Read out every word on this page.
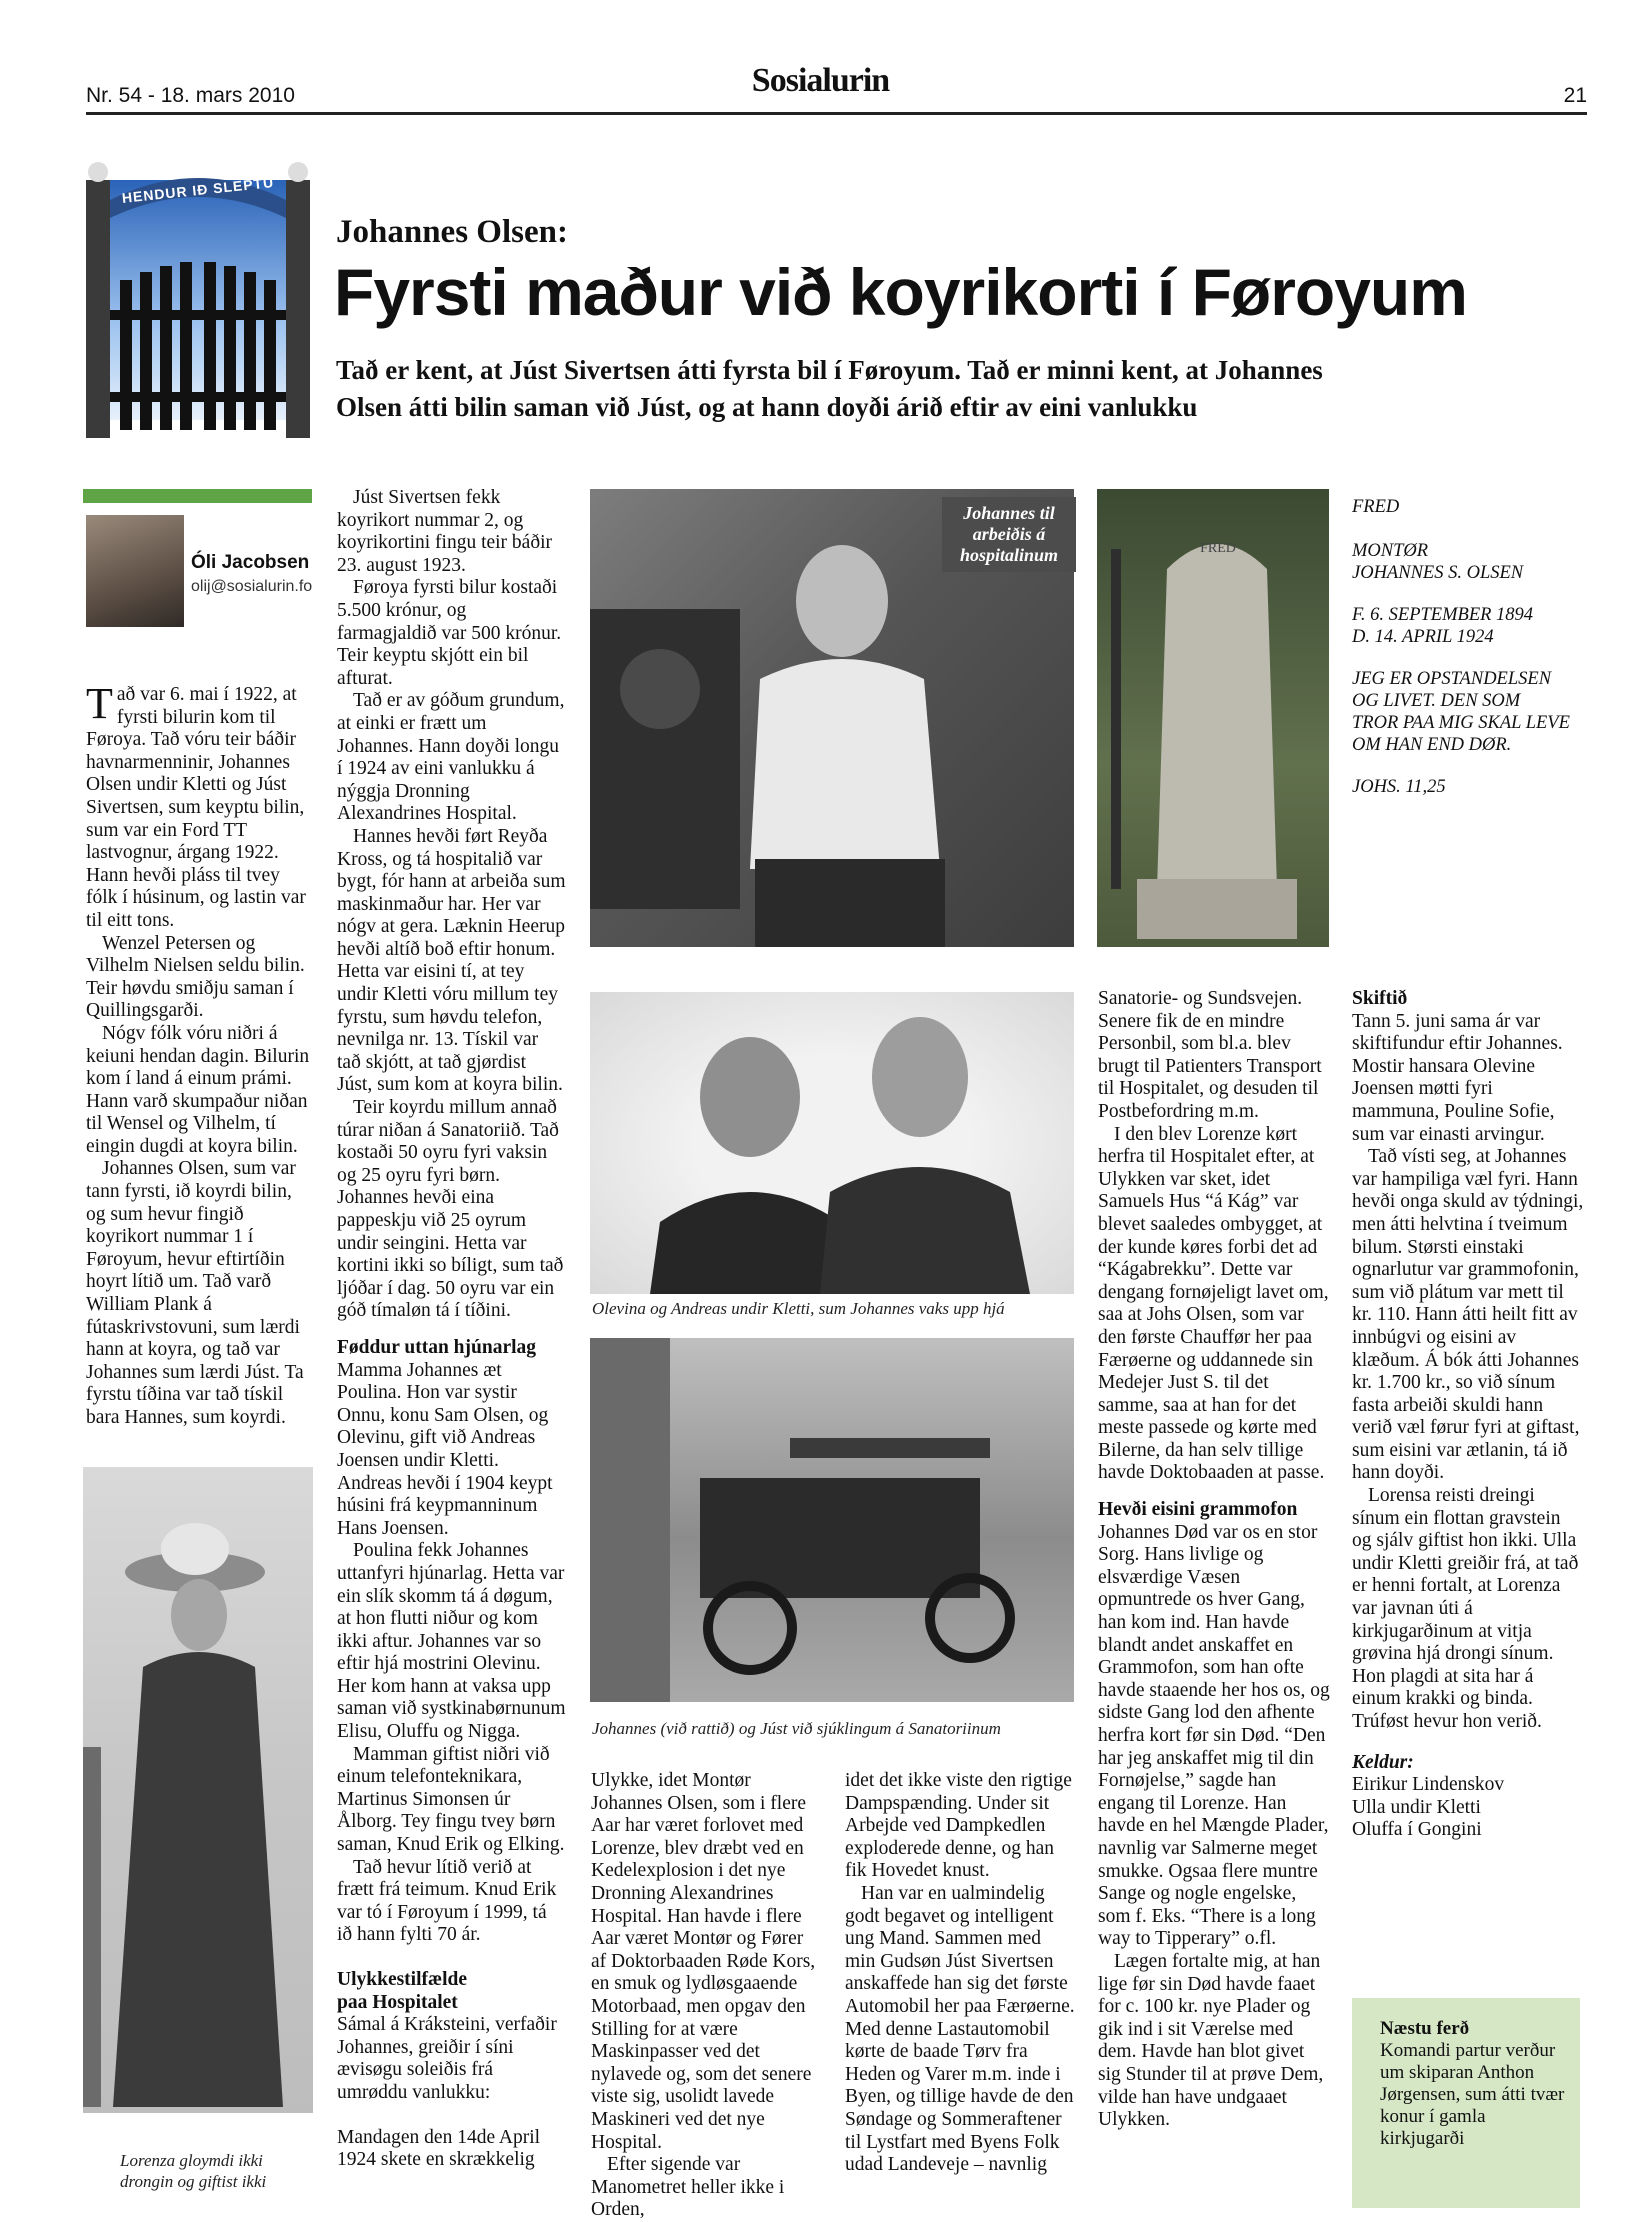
Nr. 54 - 18. mars 2010	Sosialurin	21
HENDUR IÐ SLEPTU
Johannes Olsen:
Fyrsti maður við koyrikorti í Føroyum
Tað er kent, at Júst Sivertsen átti fyrsta bil í Føroyum. Tað er minni kent, at Johannes Olsen átti bilin saman við Júst, og at hann doyði árið eftir av eini vanlukku
Óli Jacobsen
olij@sosialurin.fo

Tað var 6. mai í 1922, at fyrsti bilurin kom til Føroya. Tað vóru teir báðir havnarmenninir, Johannes Olsen undir Kletti og Júst Sivertsen, sum keyptu bilin, sum var ein Ford TT lastvognur, árgang 1922. Hann hevði pláss til tvey fólk í húsinum, og lastin var til eitt tons.

Wenzel Petersen og Vilhelm Nielsen seldu bilin. Teir høvdu smiðju saman í Quillingsgarði.

Nógv fólk vóru niðri á keiuni hendan dagin. Bilurin kom í land á einum prámi. Hann varð skumpaður niðan til Wensel og Vilhelm, tí eingin dugdi at koyra bilin.

Johannes Olsen, sum var tann fyrsti, ið koyrdi bilin, og sum hevur fingið koyrikort nummar 1 í Føroyum, hevur eftirtíðin hoyrt lítið um. Tað varð William Plank á fútaskrivstovuni, sum lærdi hann at koyra, og tað var Johannes sum lærdi Júst. Ta fyrstu tíðina var tað tískil bara Hannes, sum koyrdi.

Lorenza gloymdi ikki
drongin og giftist ikki

Júst Sivertsen fekk koyrikort nummar 2, og koyrikortini fingu teir báðir 23. august 1923.

Føroya fyrsti bilur kostaði 5.500 krónur, og farmagjaldið var 500 krónur. Teir keyptu skjótt ein bil afturat.

Tað er av góðum grundum, at einki er frætt um Johannes. Hann doyði longu í 1924 av eini vanlukku á nýggja Dronning Alexandrines Hospital.

Hannes hevði ført Reyða Kross, og tá hospitalið var bygt, fór hann at arbeiða sum maskinmaður har. Her var nógv at gera. Læknin Heerup hevði altíð boð eftir honum. Hetta var eisini tí, at tey undir Kletti vóru millum tey fyrstu, sum høvdu telefon, nevnilga nr. 13. Tískil var tað skjótt, at tað gjørdist Júst, sum kom at koyra bilin.

Teir koyrdu millum annað túrar niðan á Sanatoriið. Tað kostaði 50 oyru fyri vaksin og 25 oyru fyri børn. Johannes hevði eina pappeskju við 25 oyrum undir seingini. Hetta var kortini ikki so bíligt, sum tað ljóðar í dag. 50 oyru var ein góð tímaløn tá í tíðini.

Føddur uttan hjúnarlag

Mamma Johannes æt Poulina. Hon var systir Onnu, konu Sam Olsen, og Olevinu, gift við Andreas Joensen undir Kletti. Andreas hevði í 1904 keypt húsini frá keypmanninum Hans Joensen.

Poulina fekk Johannes uttanfyri hjúnarlag. Hetta var ein slík skomm tá á døgum, at hon flutti niður og kom ikki aftur. Johannes var so eftir hjá mostrini Olevinu. Her kom hann at vaksa upp saman við systkinabørnunum Elisu, Oluffu og Nigga.

Mamman giftist niðri við einum telefonteknikara, Martinus Simonsen úr Ålborg. Tey fingu tvey børn saman, Knud Erik og Elking.

Tað hevur lítið verið at frætt frá teimum. Knud Erik var tó í Føroyum í 1999, tá ið hann fylti 70 ár.

Ulykkestilfælde
paa Hospitalet

Sámal á Kráksteini, verfaðir Johannes, greiðir í síni ævisøgu soleiðis frá umrøddu vanlukku:

Mandagen den 14de April 1924 skete en skrækkelig

Johannes til arbeiðis á hospitalinum	FRED
FRED
MONTØR
JOHANNES S. OLSEN
F. 6. SEPTEMBER 1894
D. 14. APRIL 1924
JEG ER OPSTANDELSEN
OG LIVET. DEN SOM
TROR PAA MIG SKAL LEVE
OM HAN END DØR.
JOHS. 11,25
Olevina og Andreas undir Kletti, sum Johannes vaks upp hjá
Johannes (við rattið) og Júst við sjúklingum á Sanatoriinum

Ulykke, idet Montør Johannes Olsen, som i flere Aar har været forlovet med Lorenze, blev dræbt ved en Kedelexplosion i det nye Dronning Alexandrines Hospital. Han havde i flere Aar været Montør og Fører af Doktorbaaden Røde Kors, en smuk og lydløsgaaende Motorbaad, men opgav den Stilling for at være Maskinpasser ved det nylavede og, som det senere viste sig, usolidt lavede Maskineri ved det nye Hospital.

Efter sigende var Manometret heller ikke i Orden,

idet det ikke viste den rigtige Dampspænding. Under sit Arbejde ved Dampkedlen exploderede denne, og han fik Hovedet knust.

Han var en ualmindelig godt begavet og intelligent ung Mand. Sammen med min Gudsøn Júst Sivertsen anskaffede han sig det første Automobil her paa Færøerne. Med denne Lastautomobil kørte de baade Tørv fra Heden og Varer m.m. inde i Byen, og tillige havde de den Søndage og Sommeraftener til Lystfart med Byens Folk udad Landeveje – navnlig

Sanatorie- og Sundsvejen. Senere fik de en mindre Personbil, som bl.a. blev brugt til Patienters Transport til Hospitalet, og desuden til Postbefordring m.m.

I den blev Lorenze kørt herfra til Hospitalet efter, at Ulykken var sket, idet Samuels Hus “á Kág” var blevet saaledes ombygget, at der kunde køres forbi det ad “Kágabrekku”. Dette var dengang fornøjeligt lavet om, saa at Johs Olsen, som var den første Chauffør her paa Færøerne og uddannede sin Medejer Just S. til det samme, saa at han for det meste passede og kørte med Bilerne, da han selv tillige havde Doktobaaden at passe.

Hevði eisini grammofon

Johannes Død var os en stor Sorg. Hans livlige og elsværdige Væsen opmuntrede os hver Gang, han kom ind. Han havde blandt andet anskaffet en Grammofon, som han ofte havde staaende her hos os, og sidste Gang lod den afhente herfra kort før sin Død. “Den har jeg anskaffet mig til din Fornøjelse,” sagde han engang til Lorenze. Han havde en hel Mængde Plader, navnlig var Salmerne meget smukke. Ogsaa flere muntre Sange og nogle engelske, som f. Eks. “There is a long way to Tipperary” o.fl.

Lægen fortalte mig, at han lige før sin Død havde faaet for c. 100 kr. nye Plader og gik ind i sit Værelse med dem. Havde han blot givet sig Stunder til at prøve Dem, vilde han have undgaaet Ulykken.

Skiftið

Tann 5. juni sama ár var skiftifundur eftir Johannes. Mostir hansara Olevine Joensen møtti fyri mammuna, Pouline Sofie, sum var einasti arvingur.

Tað vísti seg, at Johannes var hampiliga væl fyri. Hann hevði onga skuld av týdningi, men átti helvtina í tveimum bilum. Størsti einstaki ognarlutur var grammofonin, sum við plátum var mett til kr. 110. Hann átti heilt fitt av innbúgvi og eisini av klæðum. Á bók átti Johannes kr. 1.700 kr., so við sínum fasta arbeiði skuldi hann verið væl førur fyri at giftast, sum eisini var ætlanin, tá ið hann doyði.

Lorensa reisti dreingi sínum ein flottan gravstein og sjálv giftist hon ikki. Ulla undir Kletti greiðir frá, at tað er henni fortalt, at Lorenza var javnan úti á kirkjugarðinum at vitja grøvina hjá drongi sínum. Hon plagdi at sita har á einum krakki og binda. Trúføst hevur hon verið.

Keldur:

Eirikur Lindenskov

Ulla undir Kletti

Oluffa í Gongini

Næstu ferð
Komandi partur verður um skiparan Anthon Jørgensen, sum átti tvær konur í gamla kirkjugarði
